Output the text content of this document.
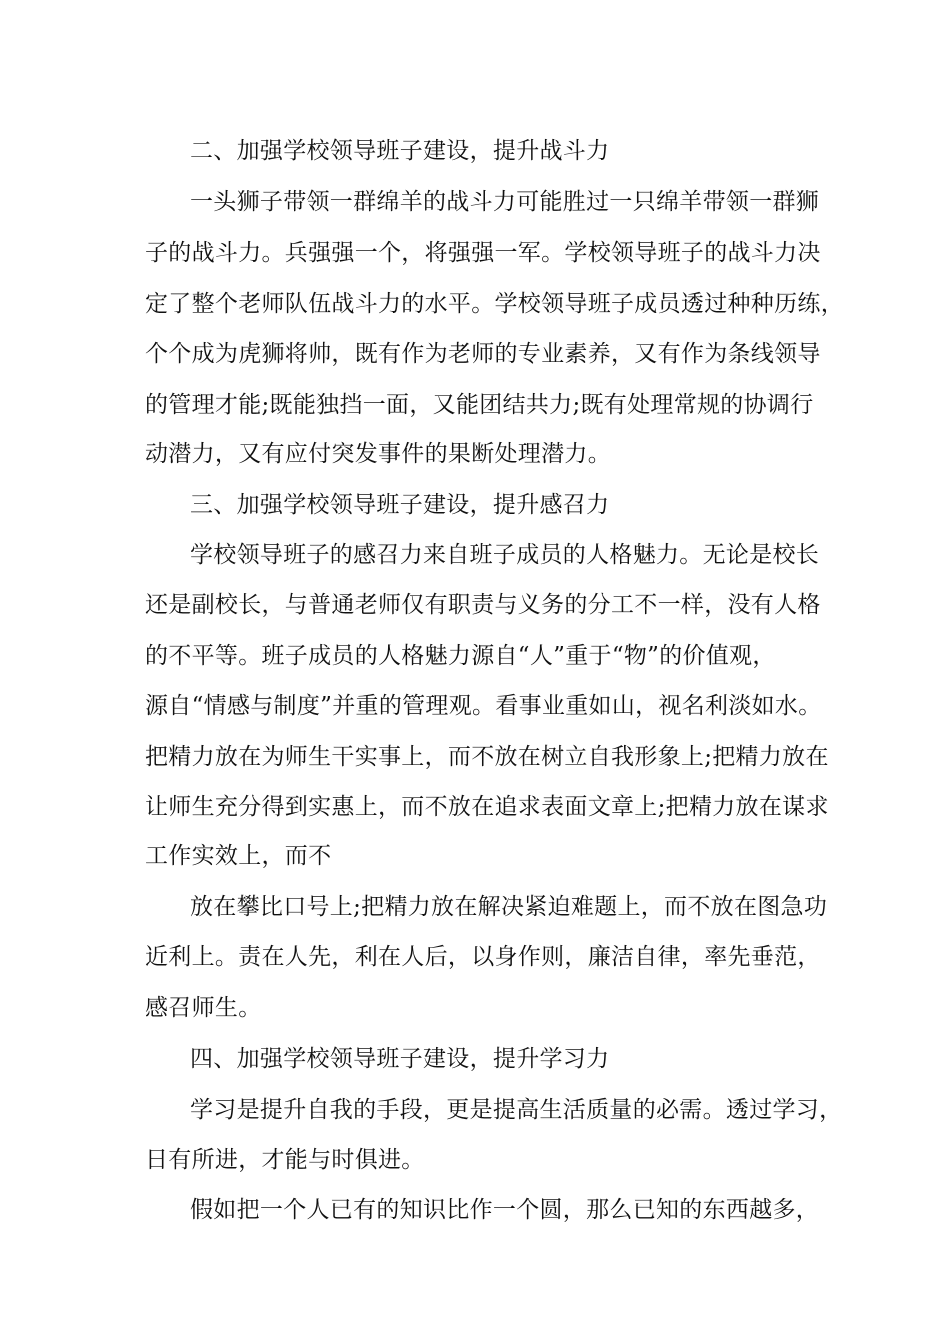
二、加强学校领导班子建设，提升战斗力
一头狮子带领一群绵羊的战斗力可能胜过一只绵羊带领一群狮
子的战斗力。兵强强一个，将强强一军。学校领导班子的战斗力决
定了整个老师队伍战斗力的水平。学校领导班子成员透过种种历练，
个个成为虎狮将帅，既有作为老师的专业素养，又有作为条线领导
的管理才能;既能独挡一面，又能团结共力;既有处理常规的协调行
动潜力，又有应付突发事件的果断处理潜力。
三、加强学校领导班子建设，提升感召力
学校领导班子的感召力来自班子成员的人格魅力。无论是校长
还是副校长，与普通老师仅有职责与义务的分工不一样，没有人格
的不平等。班子成员的人格魅力源自“人”重于“物”的价值观，
源自“情感与制度”并重的管理观。看事业重如山，视名利淡如水。
把精力放在为师生干实事上，而不放在树立自我形象上;把精力放在
让师生充分得到实惠上，而不放在追求表面文章上;把精力放在谋求
工作实效上，而不
放在攀比口号上;把精力放在解决紧迫难题上，而不放在图急功
近利上。责在人先，利在人后，以身作则，廉洁自律，率先垂范，
感召师生。
四、加强学校领导班子建设，提升学习力
学习是提升自我的手段，更是提高生活质量的必需。透过学习，
日有所进，才能与时俱进。
假如把一个人已有的知识比作一个圆，那么已知的东西越多，
